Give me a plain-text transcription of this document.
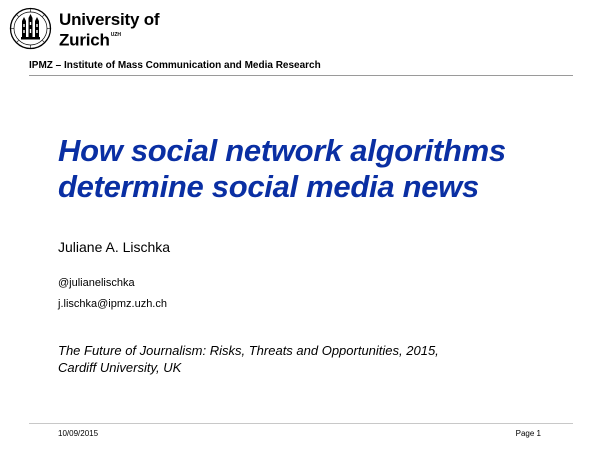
University of
Zurich$^{UZH}$
IPMZ – Institute of Mass Communication and Media Research
How social network algorithms determine social media news
Juliane A. Lischka
@julianelischka
j.lischka@ipmz.uzh.ch
The Future of Journalism: Risks, Threats and Opportunities, 2015,
Cardiff University, UK
10/09/2015	Page 1
